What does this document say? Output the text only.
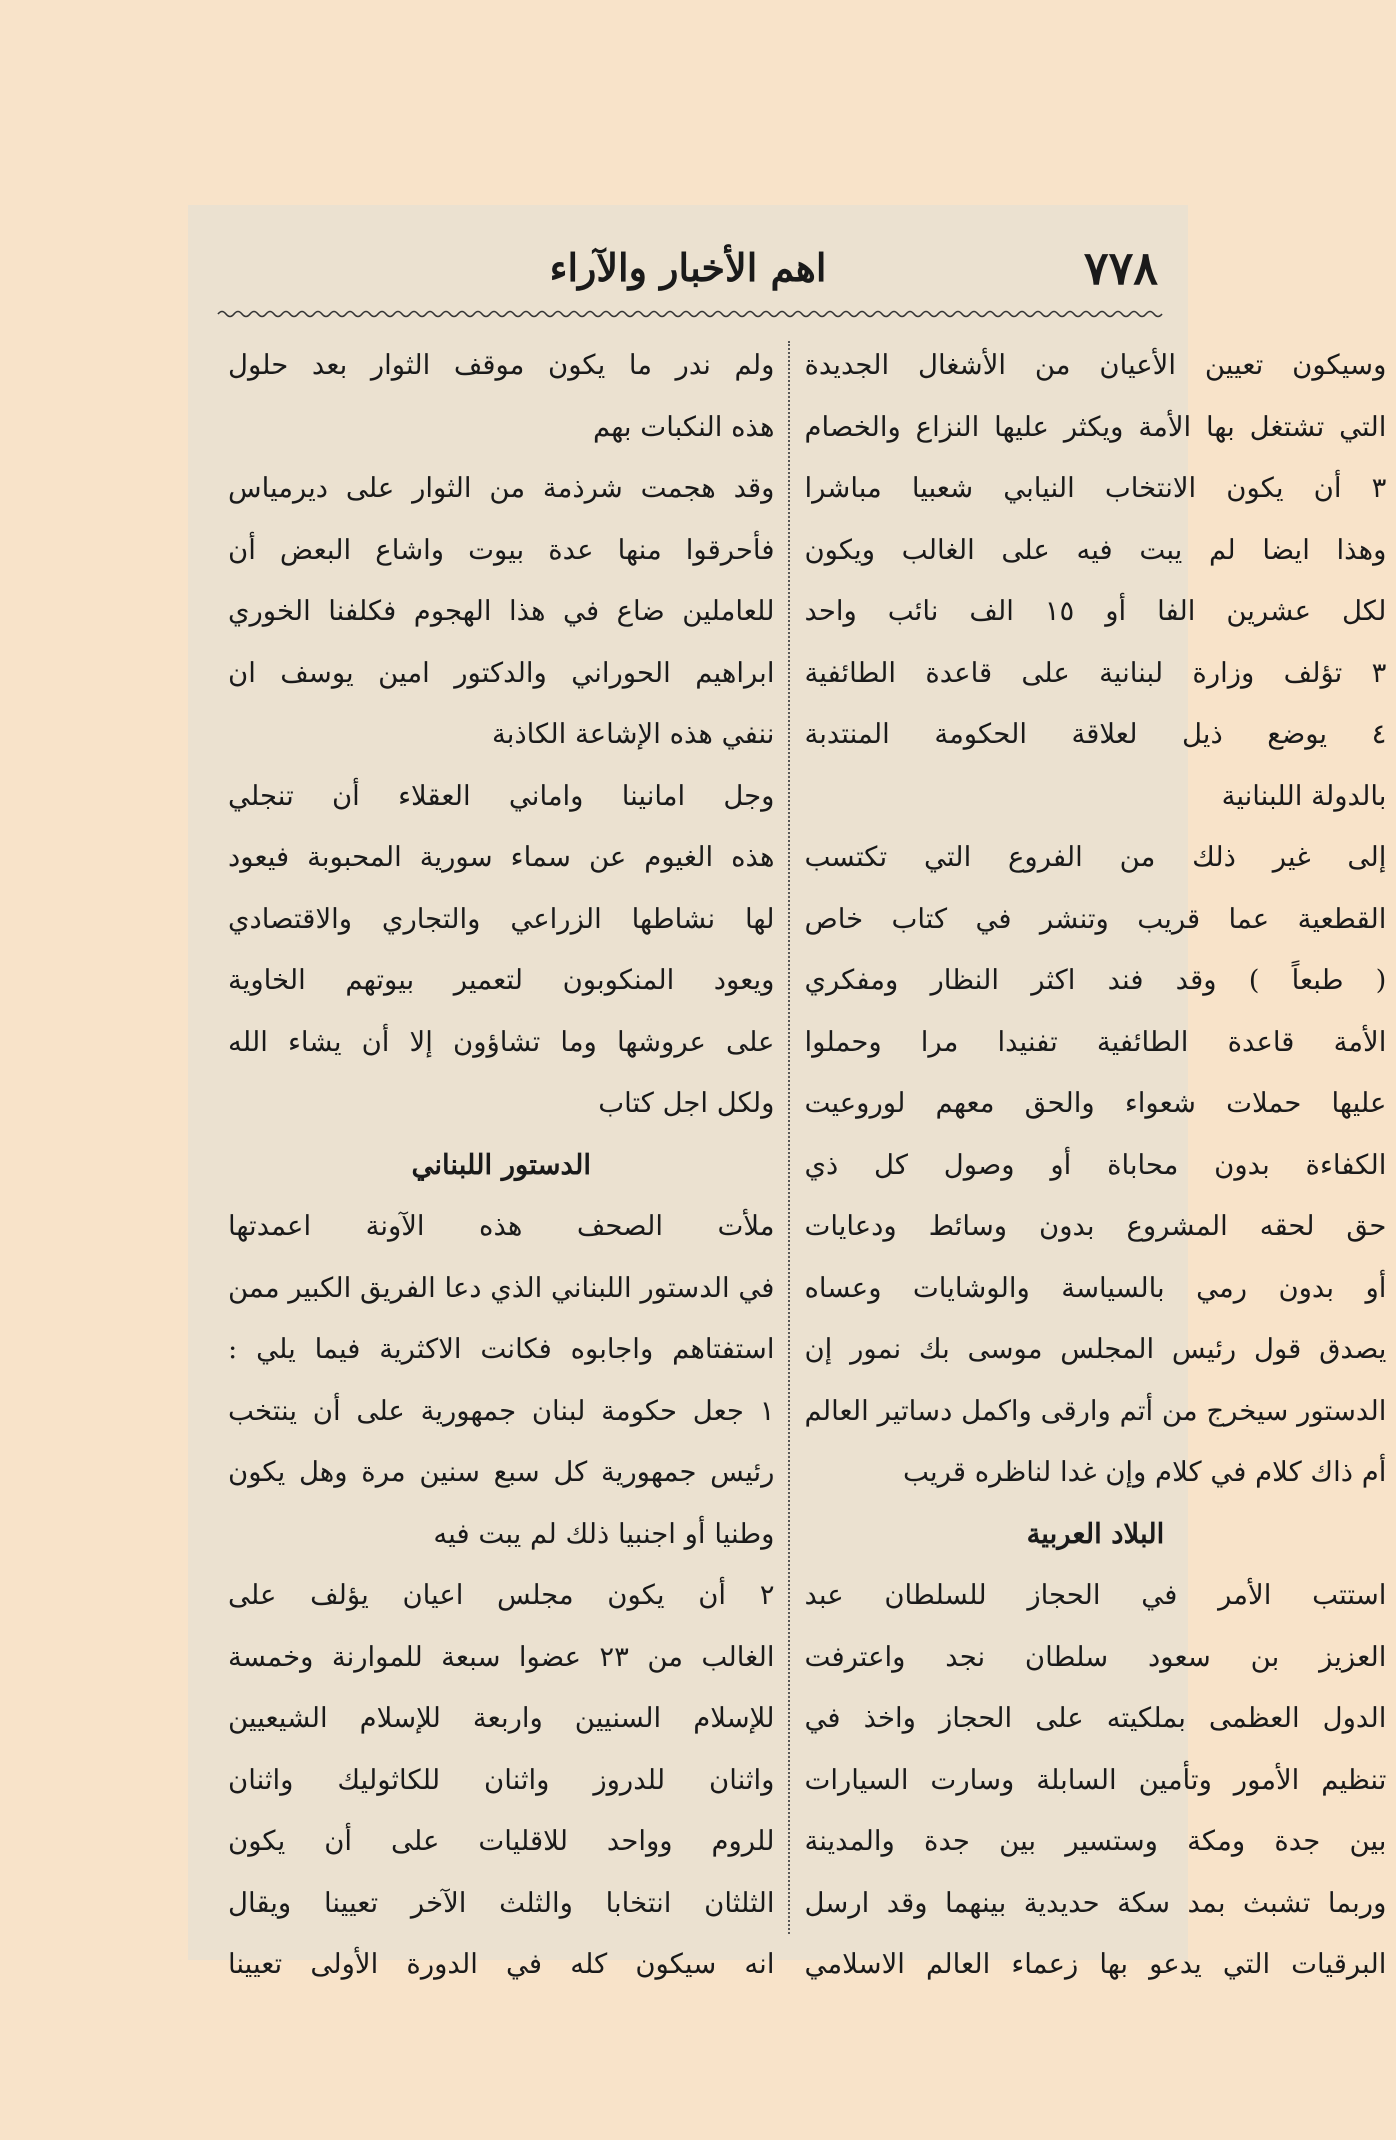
٧٧٨
اهم الأخبار والآراء
ولم ندر ما يكون موقف الثوار بعد حلول
هذه النكبات بهم
وقد هجمت شرذمة من الثوار على ديرمياس
فأحرقوا منها عدة بيوت واشاع البعض أن
للعاملين ضاع في هذا الهجوم فكلفنا الخوري
ابراهيم الحوراني والدكتور امين يوسف ان
ننفي هذه الإشاعة الكاذبة
وجل امانينا واماني العقلاء أن تنجلي
هذه الغيوم عن سماء سورية المحبوبة فيعود
لها نشاطها الزراعي والتجاري والاقتصادي
ويعود المنكوبون لتعمير بيوتهم الخاوية
على عروشها وما تشاؤون إلا أن يشاء الله
ولكل اجل كتاب
الدستور اللبناني
ملأت الصحف هذه الآونة اعمدتها
في الدستور اللبناني الذي دعا الفريق الكبير ممن
استفتاهم واجابوه فكانت الاكثرية فيما يلي :
١ جعل حكومة لبنان جمهورية على أن ينتخب
رئيس جمهورية كل سبع سنين مرة وهل يكون
وطنيا أو اجنبيا ذلك لم يبت فيه
٢ أن يكون مجلس اعيان يؤلف على
الغالب من ٢٣ عضوا سبعة للموارنة وخمسة
للإسلام السنيين واربعة للإسلام الشيعيين
واثنان للدروز واثنان للكاثوليك واثنان
للروم وواحد للاقليات على أن يكون
الثلثان انتخابا والثلث الآخر تعيينا ويقال
انه سيكون كله في الدورة الأولى تعيينا
وسيكون تعيين الأعيان من الأشغال الجديدة
التي تشتغل بها الأمة ويكثر عليها النزاع والخصام
٣ أن يكون الانتخاب النيابي شعبيا مباشرا
وهذا ايضا لم يبت فيه على الغالب ويكون
لكل عشرين الفا أو ١٥ الف نائب واحد
٣ تؤلف وزارة لبنانية على قاعدة الطائفية
٤ يوضع ذيل لعلاقة الحكومة المنتدبة
بالدولة اللبنانية
إلى غير ذلك من الفروع التي تكتسب
القطعية عما قريب وتنشر في كتاب خاص
( طبعاً ) وقد فند اكثر النظار ومفكري
الأمة قاعدة الطائفية تفنيدا مرا وحملوا
عليها حملات شعواء والحق معهم لوروعيت
الكفاءة بدون محاباة أو وصول كل ذي
حق لحقه المشروع بدون وسائط ودعايات
أو بدون رمي بالسياسة والوشايات وعساه
يصدق قول رئيس المجلس موسى بك نمور إن
الدستور سيخرج من أتم وارقى واكمل دساتير العالم
أم ذاك كلام في كلام وإن غدا لناظره قريب
البلاد العربية
استتب الأمر في الحجاز للسلطان عبد
العزيز بن سعود سلطان نجد واعترفت
الدول العظمى بملكيته على الحجاز واخذ في
تنظيم الأمور وتأمين السابلة وسارت السيارات
بين جدة ومكة وستسير بين جدة والمدينة
وربما تشبث بمد سكة حديدية بينهما وقد ارسل
البرقيات التي يدعو بها زعماء العالم الاسلامي
